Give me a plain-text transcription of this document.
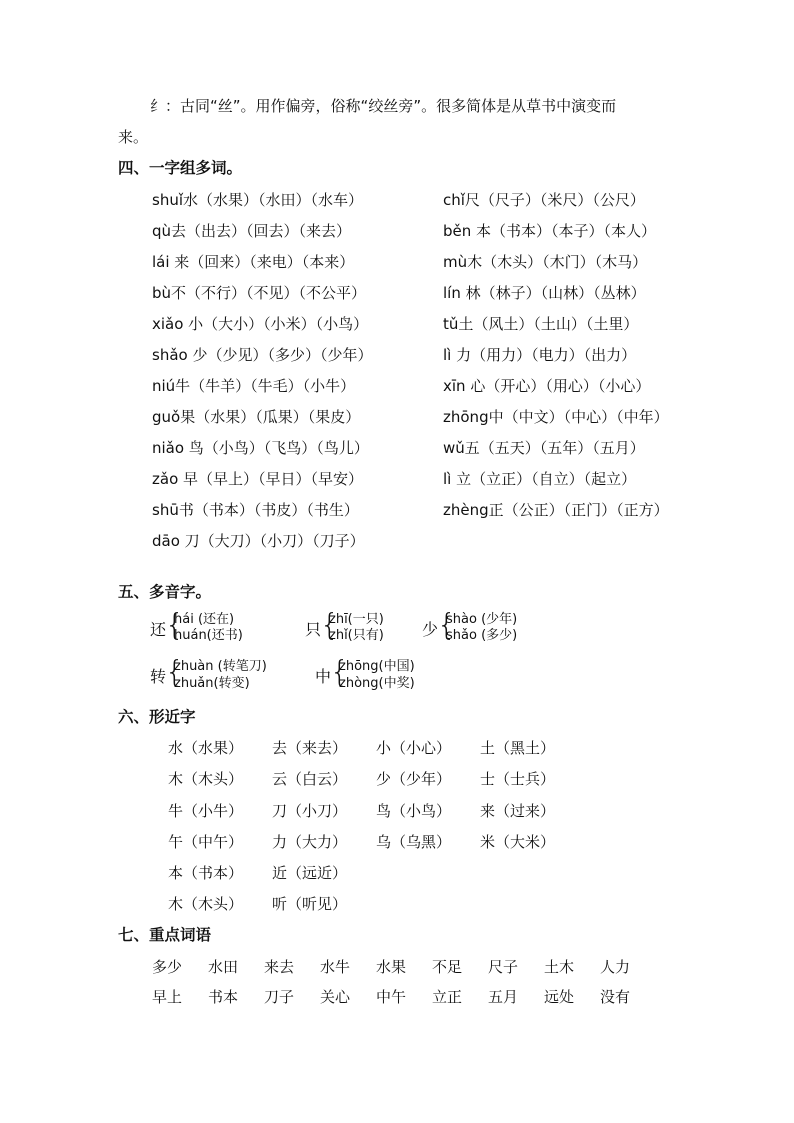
纟：古同“丝”。用作偏旁，俗称“绞丝旁”。很多简体是从草书中演变而
来。
四、一字组多词。
shuǐ水（水果）（水田）（水车）
qù去（出去）（回去）（来去）
lái 来（回来）（来电）（本来）
bù不（不行）（不见）（不公平）
xiǎo 小（大小）（小米）（小鸟）
shǎo 少（少见）（多少）（少年）
niú牛（牛羊）（牛毛）（小牛）
guǒ果（水果）（瓜果）（果皮）
niǎo 鸟（小鸟）（飞鸟）（鸟儿）
zǎo 早（早上）（早日）（早安）
shū书（书本）（书皮）（书生）
dāo 刀（大刀）（小刀）（刀子）
chǐ尺（尺子）（米尺）（公尺）
běn 本（书本）（本子）（本人）
mù木（木头）（木门）（木马）
lín 林（林子）（山林）（丛林）
tǔ土（风土）（土山）（土里）
lì 力（用力）（电力）（出力）
xīn 心（开心）（用心）（小心）
zhōng中（中文）（中心）（中年）
wǔ五（五天）（五年）（五月）
lì 立（立正）（自立）（起立）
zhèng正（公正）（正门）（正方）
五、多音字。
还
{
hái (还在)
huán(还书)	只
{
zhī(一只)
zhǐ(只有) 少
{
shào (少年)
shǎo (多少)
转
{
zhuàn (转笔刀)
zhuǎn(转变)	中
{
zhōng(中国)
zhòng(中奖)
六、形近字
水（水果） 去（来去） 小（小心） 土（黑土）
木（木头） 云（白云） 少（少年） 士（士兵）
牛（小牛） 刀（小刀） 鸟（小鸟） 来（过来）
午（中午） 力（大力） 乌（乌黑） 米（大米）
本（书本） 近（远近）
木（木头） 听（听见）
七、重点词语
多少 水田 来去 水牛 水果 不足 尺子 土木 人力
早上 书本 刀子 关心 中午 立正 五月 远处 没有
